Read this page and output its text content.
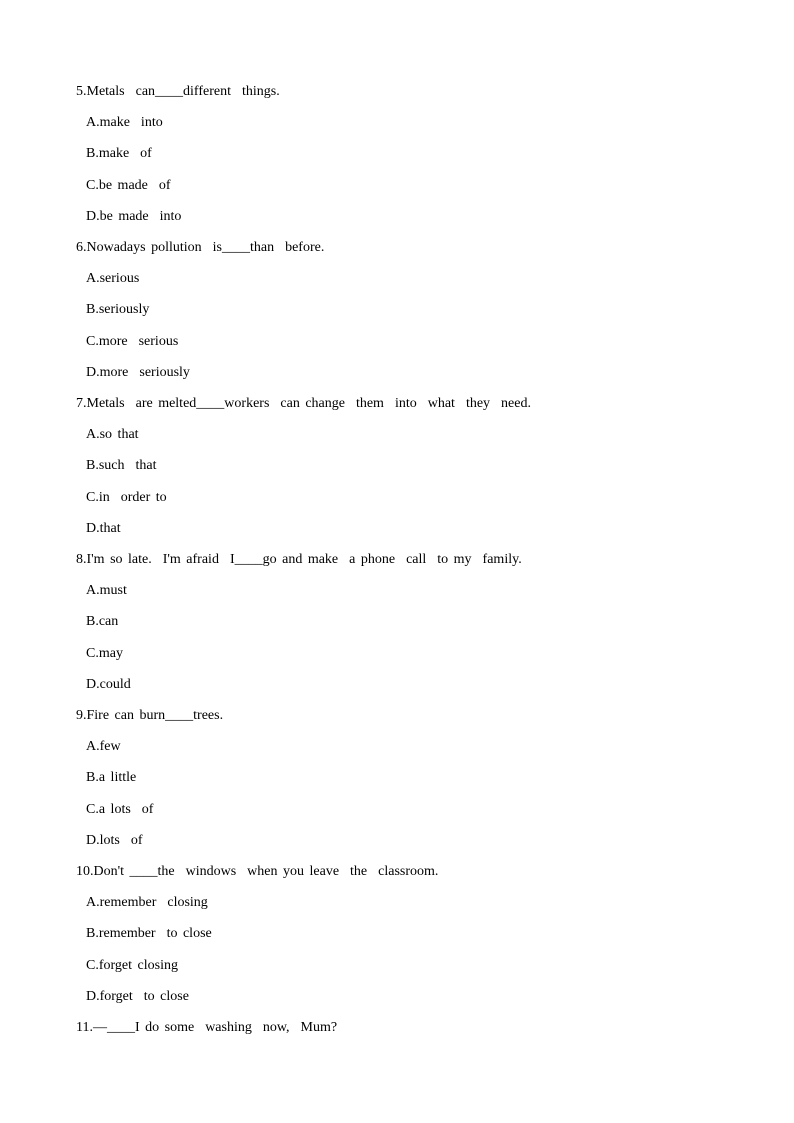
5.Metals  can____different  things.
A.make  into
B.make  of
C.be made  of
D.be made  into
6.Nowadays pollution  is____than  before.
A.serious
B.seriously
C.more  serious
D.more  seriously
7.Metals  are melted____workers  can change  them  into  what  they  need.
A.so that
B.such  that
C.in  order to
D.that
8.I'm so late.  I'm afraid  I____go and make  a phone  call  to my  family.
A.must
B.can
C.may
D.could
9.Fire can burn____trees.
A.few
B.a little
C.a lots  of
D.lots  of
10.Don't ____the  windows  when you leave  the  classroom.
A.remember  closing
B.remember  to close
C.forget closing
D.forget  to close
11.—____I do some  washing  now,  Mum?
